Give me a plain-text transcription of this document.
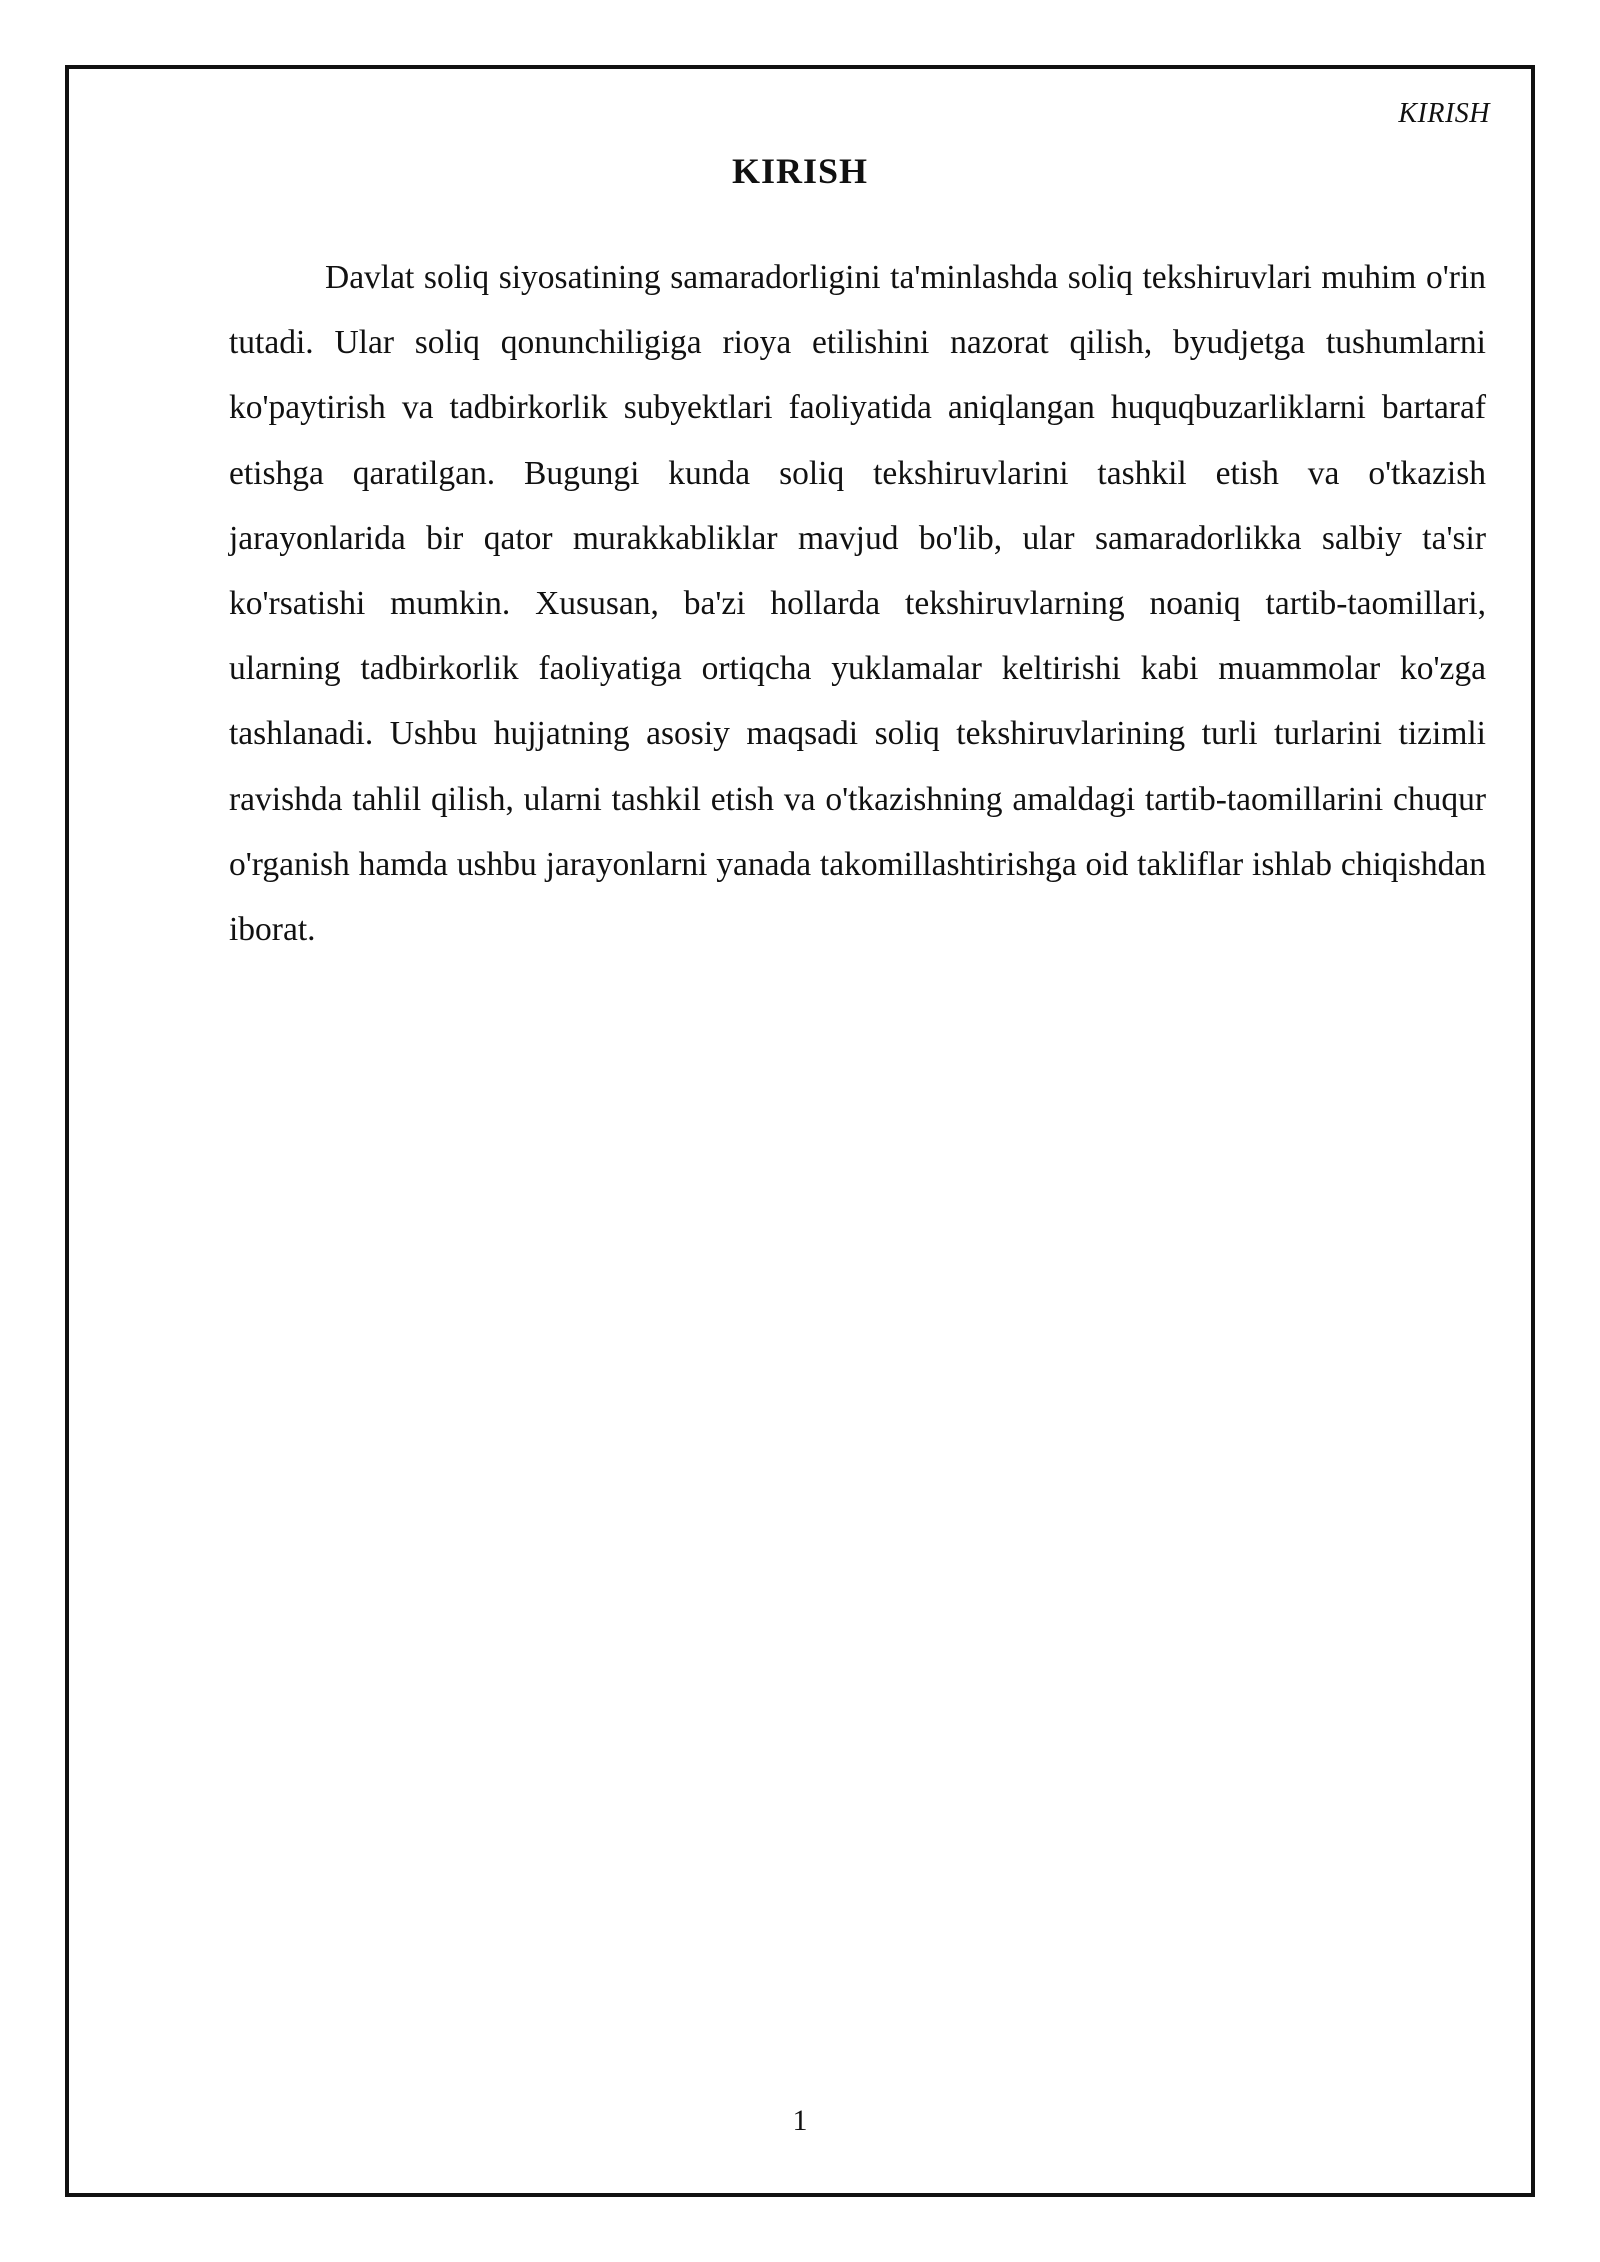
KIRISH
KIRISH

Davlat soliq siyosatining samaradorligini ta'minlashda soliq tekshiruvlari muhim o'rin tutadi. Ular soliq qonunchiligiga rioya etilishini nazorat qilish, byudjetga tushumlarni ko'paytirish va tadbirkorlik subyektlari faoliyatida aniqlangan huquqbuzarliklarni bartaraf etishga qaratilgan. Bugungi kunda soliq tekshiruvlarini tashkil etish va o'tkazish jarayonlarida bir qator murakkabliklar mavjud bo'lib, ular samaradorlikka salbiy ta'sir ko'rsatishi mumkin. Xususan, ba'zi hollarda tekshiruvlarning noaniq tartib-taomillari, ularning tadbirkorlik faoliyatiga ortiqcha yuklamalar keltirishi kabi muammolar ko'zga tashlanadi. Ushbu hujjatning asosiy maqsadi soliq tekshiruvlarining turli turlarini tizimli ravishda tahlil qilish, ularni tashkil etish va o'tkazishning amaldagi tartib-taomillarini chuqur o'rganish hamda ushbu jarayonlarni yanada takomillashtirishga oid takliflar ishlab chiqishdan iborat.

1
